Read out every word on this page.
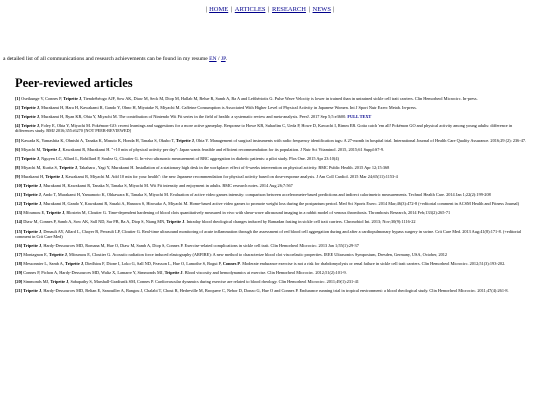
| HOME | ARTICLES | RESEARCH | NEWS |
a detailed list of all communications and research achievements can be found in my resume EN / JP.
Peer-reviewed articles
[1] Oseikunge V, Connes P, Tripette J, Tiendrébéogo AJF, Sow AK, Diaw M, Seck M, Diop M, Hallab M, Belue R, Samb A, Ba A and Lefthériotis G. Pulse Wave Velocity is lower in trained than in untrained sickle cell trait carriers. Clin Hemorheol Microcirc. In-press.
[2] Tripette J, Murakami H, Hara H, Kawakami R, Gando Y, Ohno H, Miyatake N, Miyachi M. Caffeine Consumption is Associated With Higher Level of Physical Activity in Japanese Women. Int J Sport Nutr Exerc Metab. In-press.
[3] Tripette J, Murakami H, Ryan KR, Ohta Y, Miyachi M. The contribution of Nintendo Wii Fit series in the field of health: a systematic review and meta-analysis. PeerJ. 2017 Sep 5;5:e3600. FULL TEXT
[4] Tripette J, Foley E, Ohta Y, Miyachi M. Pokémon-GO: recent learnings and suggestions for a more active gameplay. Response to Howe KB, Suharlim C, Ueda P, Howe D, Kawachi I, Rimm EB. Gotta catch 'em all! Pokémon GO and physical activity among young adults: difference in differences study. BMJ 2016;355:i6270 [NOT PEER-REVIEWED]
[5] Kawada K, Yamashita K, Ohnishi A, Tanaka K, Masuto K, Honda H, Tanaka S, Okubo T, Tripette J, Ohta Y. Management of surgical instruments with radio frequency identification tags: A 27-month in hospital trial. International Journal of Health Care Quality Assurance. 2016;29 (2): 236-47.
[6] Miyachi M, Tripette J, Kawakami R, Murakami H. "+10 min of physical activity per day": Japan wants feasible and efficient recommendation for its population. J Nutr Sci Vitaminol. 2015, 2015;61 Suppl:S7-9.
[7] Tripette J, Nguyen LC, Allard L, Robillard P, Soulez G, Cloutier G. In-vivo ultrasonic measurement of RBC aggregation in diabetic patients: a pilot study. Plos One. 2015 Apr 23:10(4)
[8] Miyachi M, Kurita S, Tripette J, Takahara , Yagi Y, Murakami H. Installation of a stationary high desk in the workplace: effect of 6-weeks intervention on physical activity. BMC Public Health. 2015 Apr 12;15:368
[9] Murakami H, Tripette J, Kawakami R, Miyachi M. Add 10 min for your health": the new Japanese recommendation for physical activity based on dose-response analysis. J Am Coll Cardiol. 2015 Mar 24;65(11):1153-4
[10] Tripette J, Murakami H, Kawakami R, Tanaka N, Tanaka S, Miyachi M. Wii Fit intensity and enjoyment in adults. BMC research notes. 2014 Aug 26;7:567
[11] Tripette J, Ando T, Murakami H, Yamamoto K, Ohkawara K, Tanaka S, Miyachi M. Evaluation of active video games intensity: comparison between accelerometer-based predictions and indirect calorimetric measurements. Technol Health Care. 2014 Jan 1;22(2):199-208
[12] Tripette J, Murakami H, Gando Y, Kawakami R, Sasaki A, Hanawa S, Hirosako A, Miyachi M. Home-based active video games to promote weight loss during the postpartum period. Med Sci Sports Exerc. 2014 Mar;46(3):472-8 (+editorial comment in ACSM Health and Fitness Journal)
[13] Mfoumou E, Tripette J, Blostein M, Cloutier G. Time-dependent hardening of blood clots quantitatively measured in vivo with shear-wave ultrasound imaging in a rabbit model of venous thrombosis. Thrombosis Research, 2014 Feb;133(2):265-71
[14] Diaw M, Connes P, Samb A, Sow AK, Sall ND, Sar FB, Ba A, Diop S, Niang MN, Tripette J. Intraday blood rheological changes induced by Ramadan fasting in sickle cell trait carriers. Chronobiol Int. 2013; Nov;30(9):1116-22
[15] Tripette J, Denault AY, Allard L, Chayer B, Perrault LP, Cloutier G. Real-time ultrasound monitoring of acute inflammation through the assessment of red blood cell aggregation during and after a cardiopulmonary bypass surgery in swine. Crit Care Med. 2013 Aug;41(8):171-8. (+editorial comment in Crit Care Med)
[16] Tripette J, Hardy-Dessources MD, Romana M, Hue O, Diaw M, Samb A, Diop S, Connes P. Exercise-related complications in sickle cell trait. Clin Hemorheol Microcirc. 2013 Jan 1;55(1):29-37
[17] Montagnon E, Tripette J, Mfoumou E, Cloutier G. Acoustic radiation force induced elastography (ARFIRE): A new method to characterize blood clot viscoelastic properties. IEEE Ultrasonics Symposium, Dresden, Germany, USA, October, 2012
[18] Messonnier L, Samb A, Tripette J, Diedhiou F, Dione I, Loko G, Sall ND, Feasson L, Hue O, Lamothe S, Bogui P, Connes P. Moderate endurance exercise is not a risk for rhabdomyolysis or renal failure in sickle cell trait carriers. Clin Hemorheol Microcirc. 2012;51(3):193-202.
[19] Connes P, Pichon A, Hardy-Dessources MD, Waltz X, Lamarre Y, Simmonds MJ, Tripette J. Blood viscosity and hemodynamics at exercise. Clin Hemorheol Microcirc. 2012;51(2):101-9.
[20] Simmonds MJ, Tripette J, Sabapathy S, Marshall-Gradisnik SM, Connes P. Cardiovascular dynamics during exercise are related to blood rheology. Clin Hemorheol Microcirc. 2011;49(1):231-41
[21] Tripette J, Hardy-Dessources MD, Beltan E, Sanouiller A, Bangou J, Chalabi T, Chout R, Hedreville M, Broquere C, Nebor D, Donzo G, Hue O and Connes P. Endurance running trial in tropical environment: a blood rheological study. Clin Hemorheol Microcirc. 2011;47(4):261-8.
